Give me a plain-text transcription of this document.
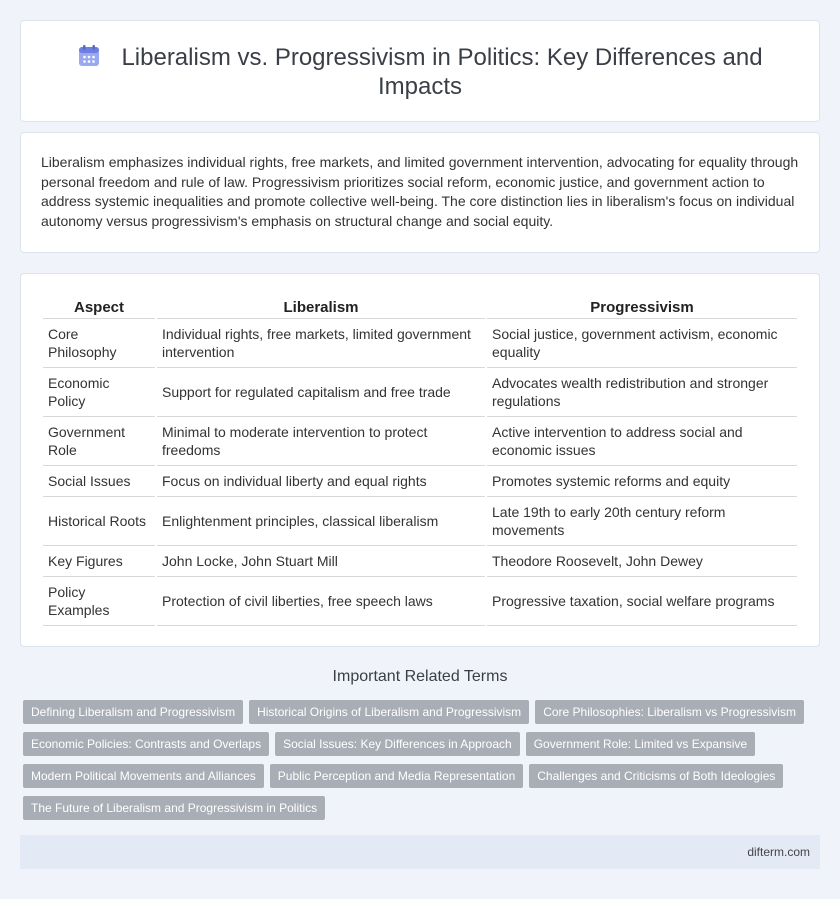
Liberalism vs. Progressivism in Politics: Key Differences and Impacts

Liberalism emphasizes individual rights, free markets, and limited government intervention, advocating for equality through personal freedom and rule of law. Progressivism prioritizes social reform, economic justice, and government action to address systemic inequalities and promote collective well-being. The core distinction lies in liberalism's focus on individual autonomy versus progressivism's emphasis on structural change and social equity.

Aspect	Liberalism	Progressivism
Core Philosophy	Individual rights, free markets, limited government intervention	Social justice, government activism, economic equality
Economic Policy	Support for regulated capitalism and free trade	Advocates wealth redistribution and stronger regulations
Government Role	Minimal to moderate intervention to protect freedoms	Active intervention to address social and economic issues
Social Issues	Focus on individual liberty and equal rights	Promotes systemic reforms and equity
Historical Roots	Enlightenment principles, classical liberalism	Late 19th to early 20th century reform movements
Key Figures	John Locke, John Stuart Mill	Theodore Roosevelt, John Dewey
Policy Examples	Protection of civil liberties, free speech laws	Progressive taxation, social welfare programs
Important Related Terms
Defining Liberalism and Progressivism Historical Origins of Liberalism and Progressivism Core Philosophies: Liberalism vs Progressivism
Economic Policies: Contrasts and Overlaps Social Issues: Key Differences in Approach Government Role: Limited vs Expansive
Modern Political Movements and Alliances Public Perception and Media Representation Challenges and Criticisms of Both Ideologies
The Future of Liberalism and Progressivism in Politics
difterm.com
